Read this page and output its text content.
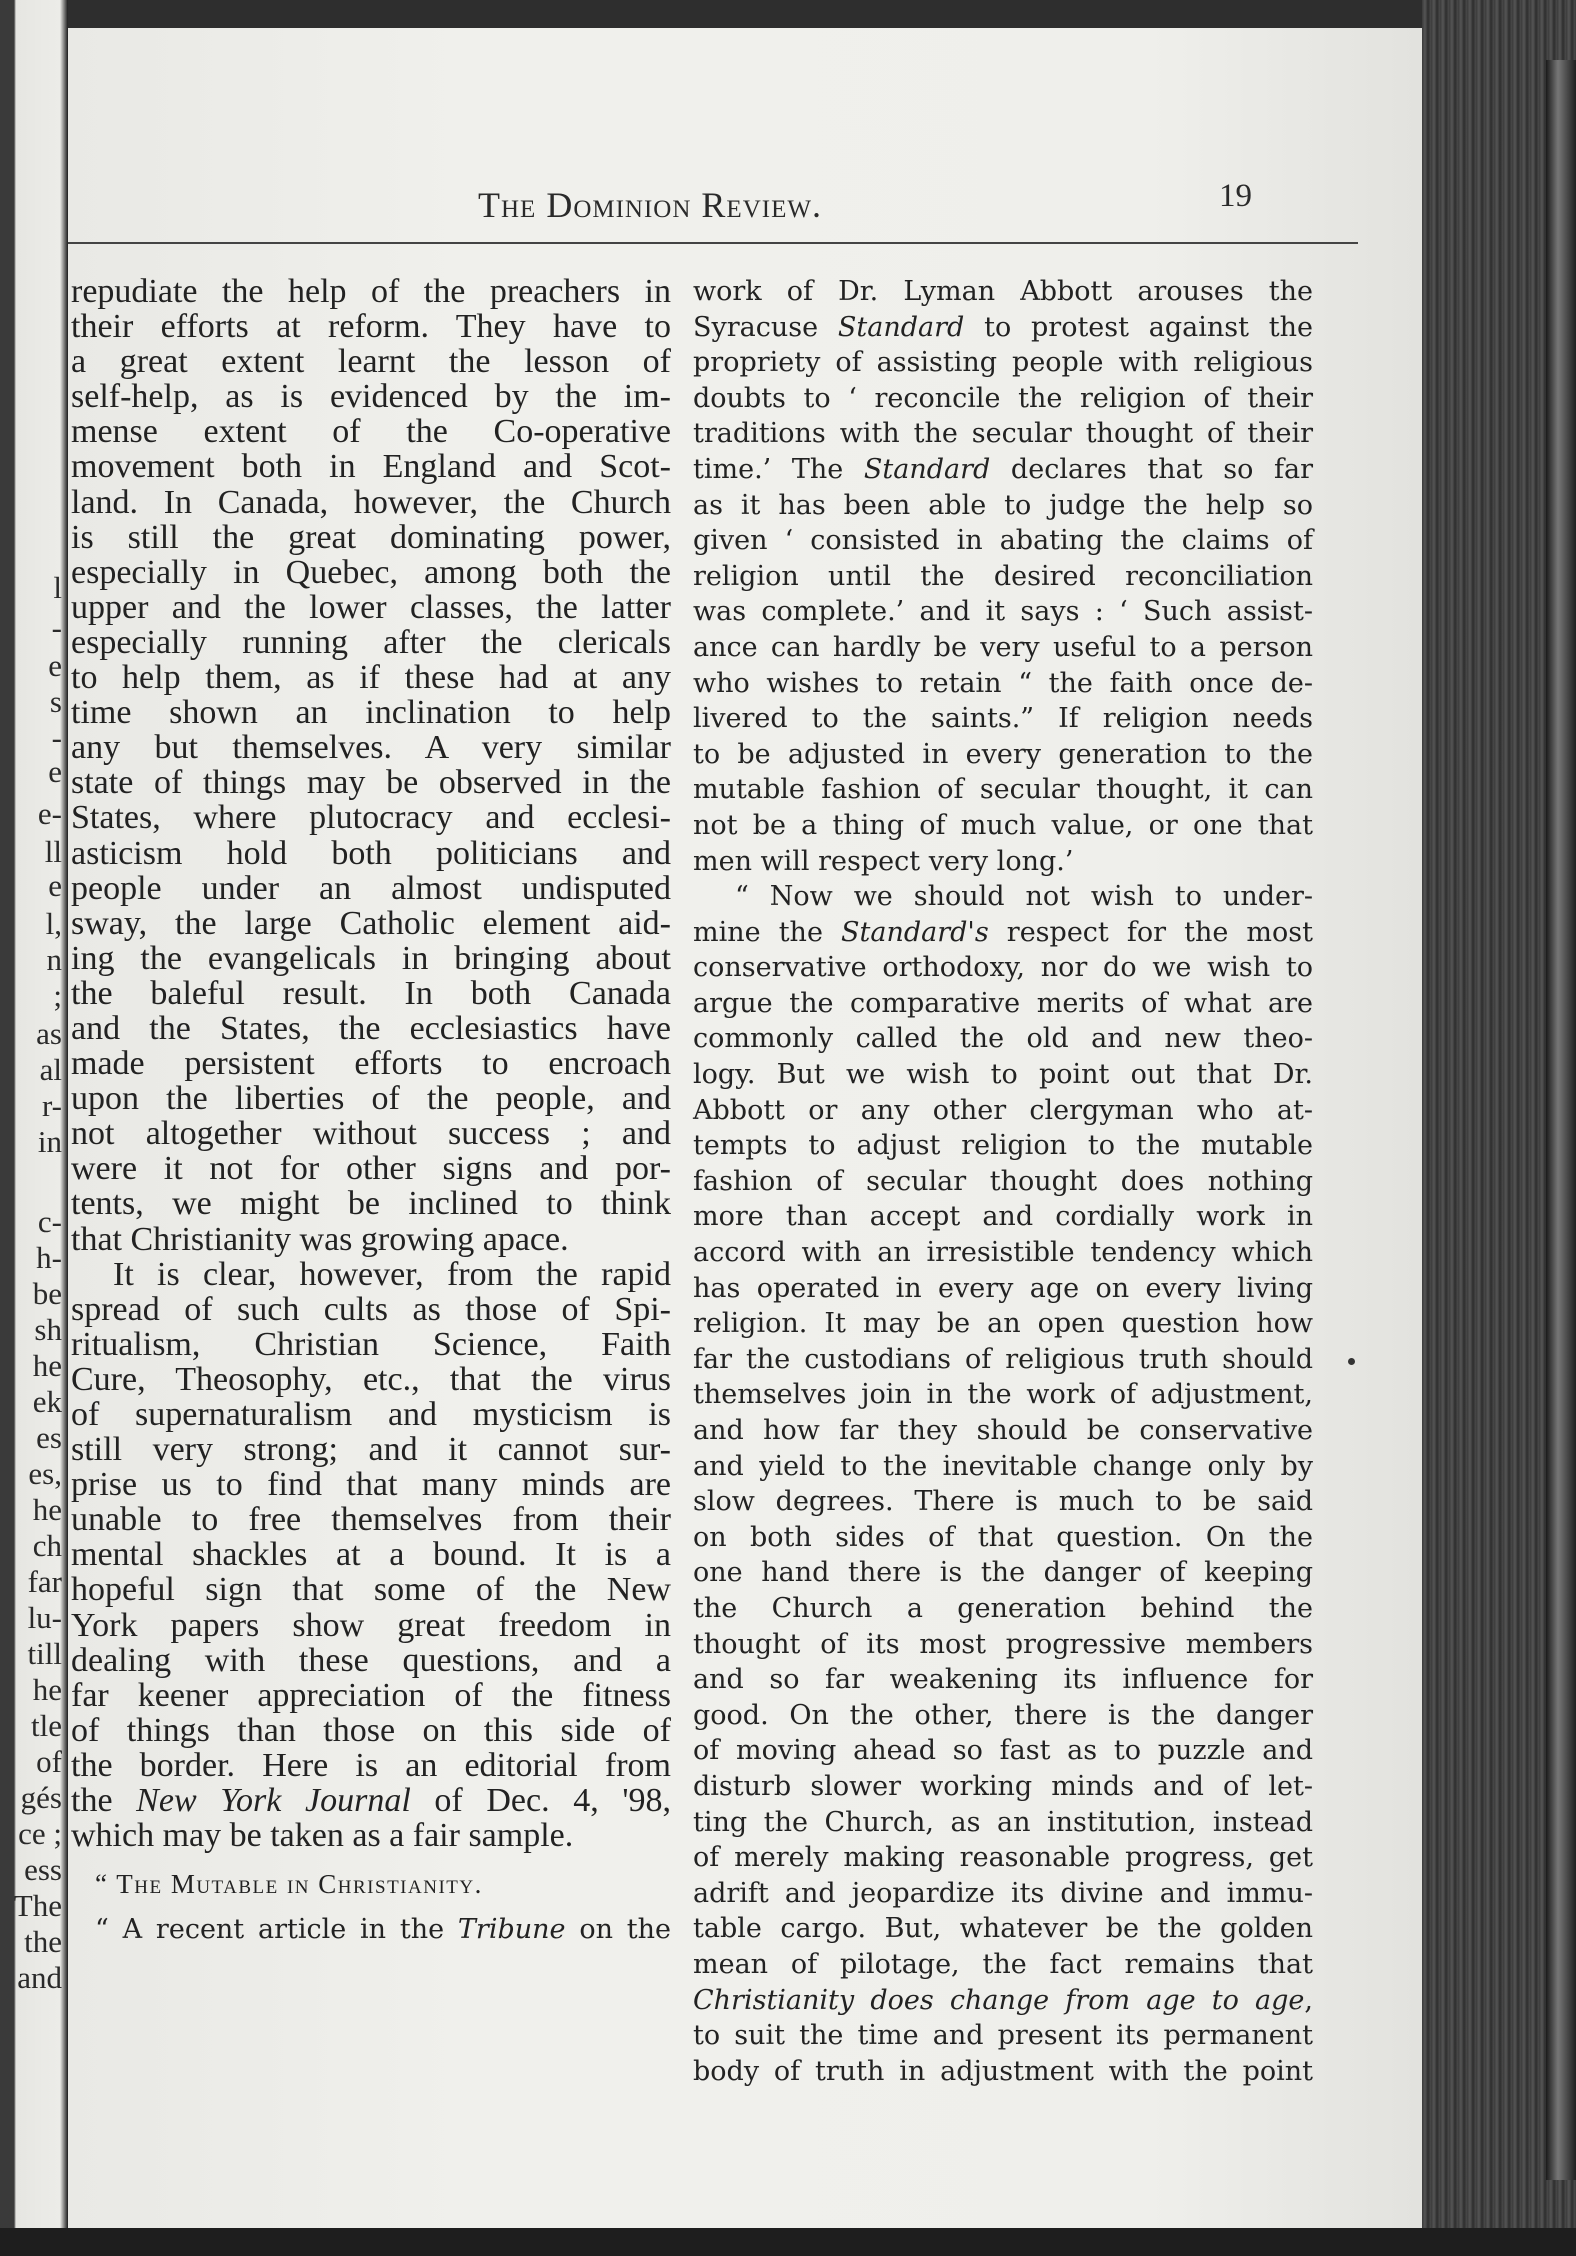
l
-
e
s
-
e
e-
ll
e
l,
n
;
as
al
r-
in
c-
h-
be
sh
he
ek
es
es,
he
ch
far
lu-
till
he
tle
of
gés
ce ;
ess
The
the
and
The Dominion Review.	19
repudiate the help of the preachers in
their efforts at reform. They have to
a great extent learnt the lesson of
self-help, as is evidenced by the im-
mense extent of the Co-operative
movement both in England and Scot-
land. In Canada, however, the Church
is still the great dominating power,
especially in Quebec, among both the
upper and the lower classes, the latter
especially running after the clericals
to help them, as if these had at any
time shown an inclination to help
any but themselves. A very similar
state of things may be observed in the
States, where plutocracy and ecclesi-
asticism hold both politicians and
people under an almost undisputed
sway, the large Catholic element aid-
ing the evangelicals in bringing about
the baleful result. In both Canada
and the States, the ecclesiastics have
made persistent efforts to encroach
upon the liberties of the people, and
not altogether without success ; and
were it not for other signs and por-
tents, we might be inclined to think
that Christianity was growing apace.
It is clear, however, from the rapid
spread of such cults as those of Spi-
ritualism, Christian Science, Faith
Cure, Theosophy, etc., that the virus
of supernaturalism and mysticism is
still very strong; and it cannot sur-
prise us to find that many minds are
unable to free themselves from their
mental shackles at a bound. It is a
hopeful sign that some of the New
York papers show great freedom in
dealing with these questions, and a
far keener appreciation of the fitness
of things than those on this side of
the border. Here is an editorial from
the New York Journal of Dec. 4, '98,
which may be taken as a fair sample.
“ The Mutable in Christianity.
“ A recent article in the Tribune on the
work of Dr. Lyman Abbott arouses the
Syracuse Standard to protest against the
propriety of assisting people with religious
doubts to ‘ reconcile the religion of their
traditions with the secular thought of their
time.’ The Standard declares that so far
as it has been able to judge the help so
given ‘ consisted in abating the claims of
religion until the desired reconciliation
was complete.’ and it says : ‘ Such assist-
ance can hardly be very useful to a person
who wishes to retain “ the faith once de-
livered to the saints.” If religion needs
to be adjusted in every generation to the
mutable fashion of secular thought, it can
not be a thing of much value, or one that
men will respect very long.’
“ Now we should not wish to under-
mine the Standard's respect for the most
conservative orthodoxy, nor do we wish to
argue the comparative merits of what are
commonly called the old and new theo-
logy. But we wish to point out that Dr.
Abbott or any other clergyman who at-
tempts to adjust religion to the mutable
fashion of secular thought does nothing
more than accept and cordially work in
accord with an irresistible tendency which
has operated in every age on every living
religion. It may be an open question how
far the custodians of religious truth should
themselves join in the work of adjustment,
and how far they should be conservative
and yield to the inevitable change only by
slow degrees. There is much to be said
on both sides of that question. On the
one hand there is the danger of keeping
the Church a generation behind the
thought of its most progressive members
and so far weakening its influence for
good. On the other, there is the danger
of moving ahead so fast as to puzzle and
disturb slower working minds and of let-
ting the Church, as an institution, instead
of merely making reasonable progress, get
adrift and jeopardize its divine and immu-
table cargo. But, whatever be the golden
mean of pilotage, the fact remains that
Christianity does change from age to age,
to suit the time and present its permanent
body of truth in adjustment with the point
